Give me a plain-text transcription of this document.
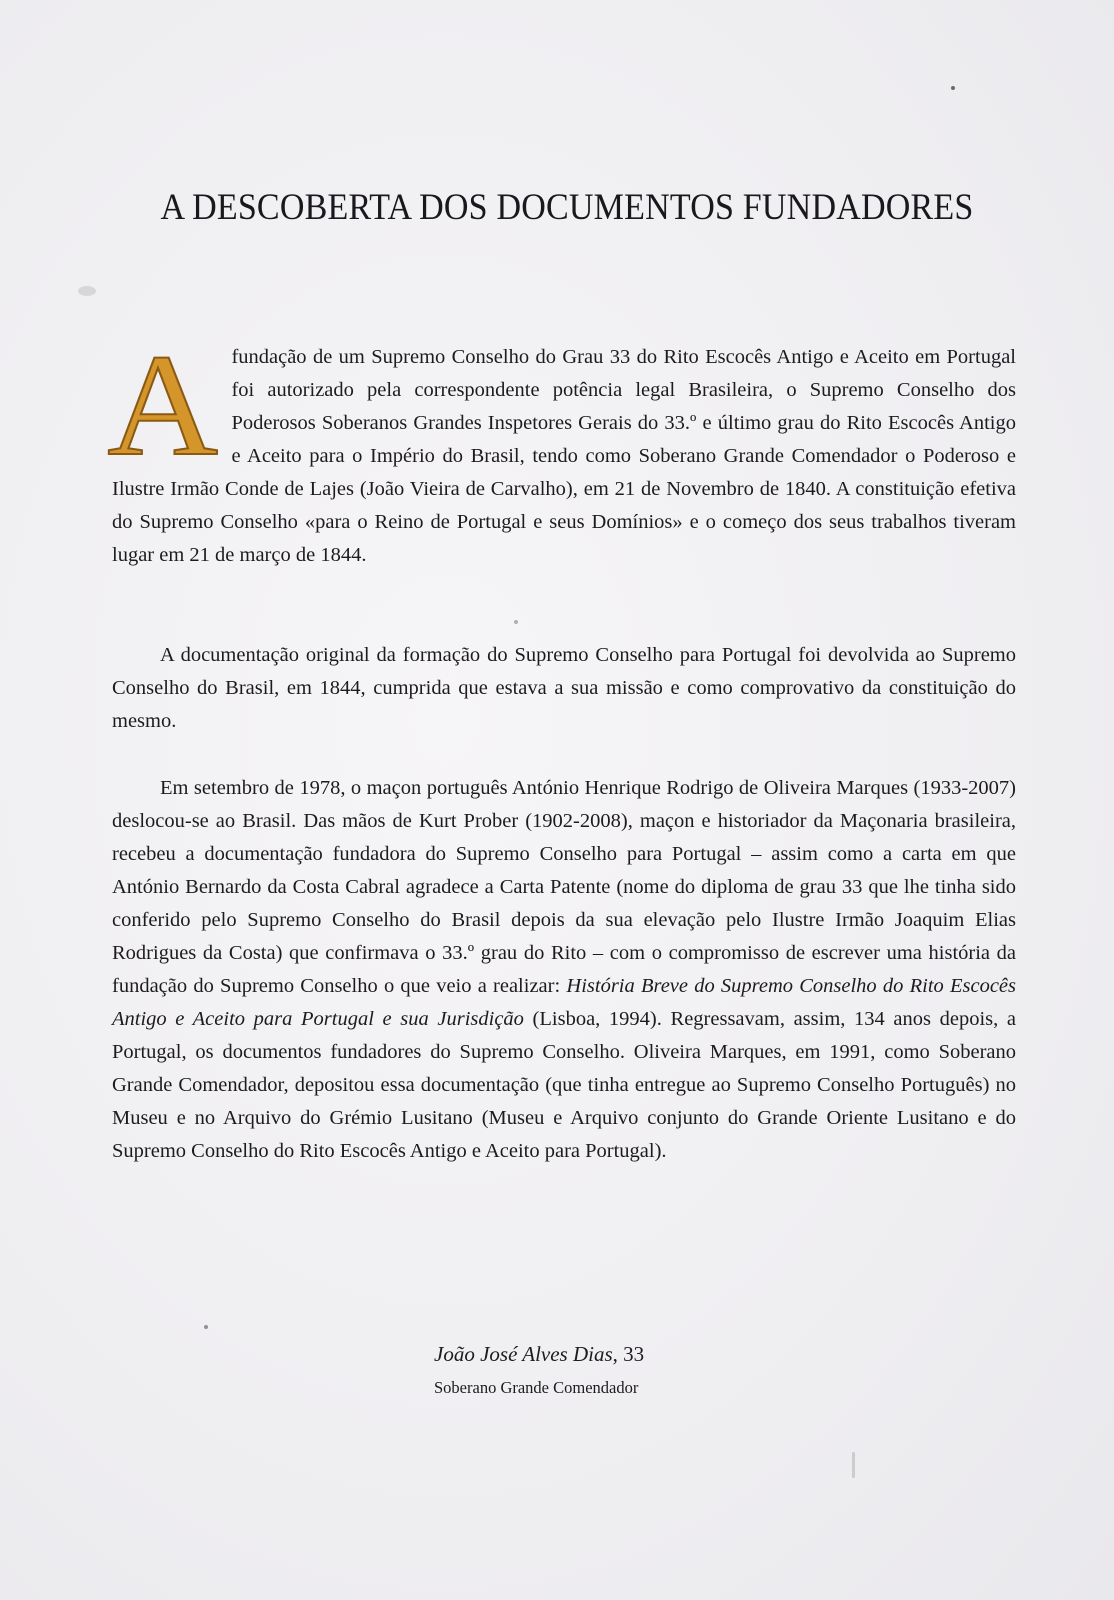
A DESCOBERTA DOS DOCUMENTOS FUNDADORES

Afundação de um Supremo Conselho do Grau 33 do Rito Escocês Antigo e Aceito em Portugal foi autorizado pela correspondente potência legal Brasileira, o Supremo Conselho dos Poderosos Soberanos Grandes Inspetores Gerais do 33.º e último grau do Rito Escocês Antigo e Aceito para o Império do Brasil, tendo como Soberano Grande Comendador o Poderoso e Ilustre Irmão Conde de Lajes (João Vieira de Carvalho), em 21 de Novembro de 1840. A constituição efetiva do Supremo Conselho «para o Reino de Portugal e seus Domínios» e o começo dos seus trabalhos tiveram lugar em 21 de março de 1844.

A documentação original da formação do Supremo Conselho para Portugal foi devolvida ao Supremo Conselho do Brasil, em 1844, cumprida que estava a sua missão e como comprovativo da constituição do mesmo.

Em setembro de 1978, o maçon português António Henrique Rodrigo de Oliveira Marques (1933-2007) deslocou-se ao Brasil. Das mãos de Kurt Prober (1902-2008), maçon e historiador da Maçonaria brasileira, recebeu a documentação fundadora do Supremo Conselho para Portugal – assim como a carta em que António Bernardo da Costa Cabral agradece a Carta Patente (nome do diploma de grau 33 que lhe tinha sido conferido pelo Supremo Conselho do Brasil depois da sua elevação pelo Ilustre Irmão Joaquim Elias Rodrigues da Costa) que confirmava o 33.º grau do Rito – com o compromisso de escrever uma história da fundação do Supremo Conselho o que veio a realizar: História Breve do Supremo Conselho do Rito Escocês Antigo e Aceito para Portugal e sua Jurisdição (Lisboa, 1994). Regressavam, assim, 134 anos depois, a Portugal, os documentos fundadores do Supremo Conselho. Oliveira Marques, em 1991, como Soberano Grande Comendador, depositou essa documentação (que tinha entregue ao Supremo Conselho Português) no Museu e no Arquivo do Grémio Lusitano (Museu e Arquivo conjunto do Grande Oriente Lusitano e do Supremo Conselho do Rito Escocês Antigo e Aceito para Portugal).

João José Alves Dias, 33
Soberano Grande Comendador
